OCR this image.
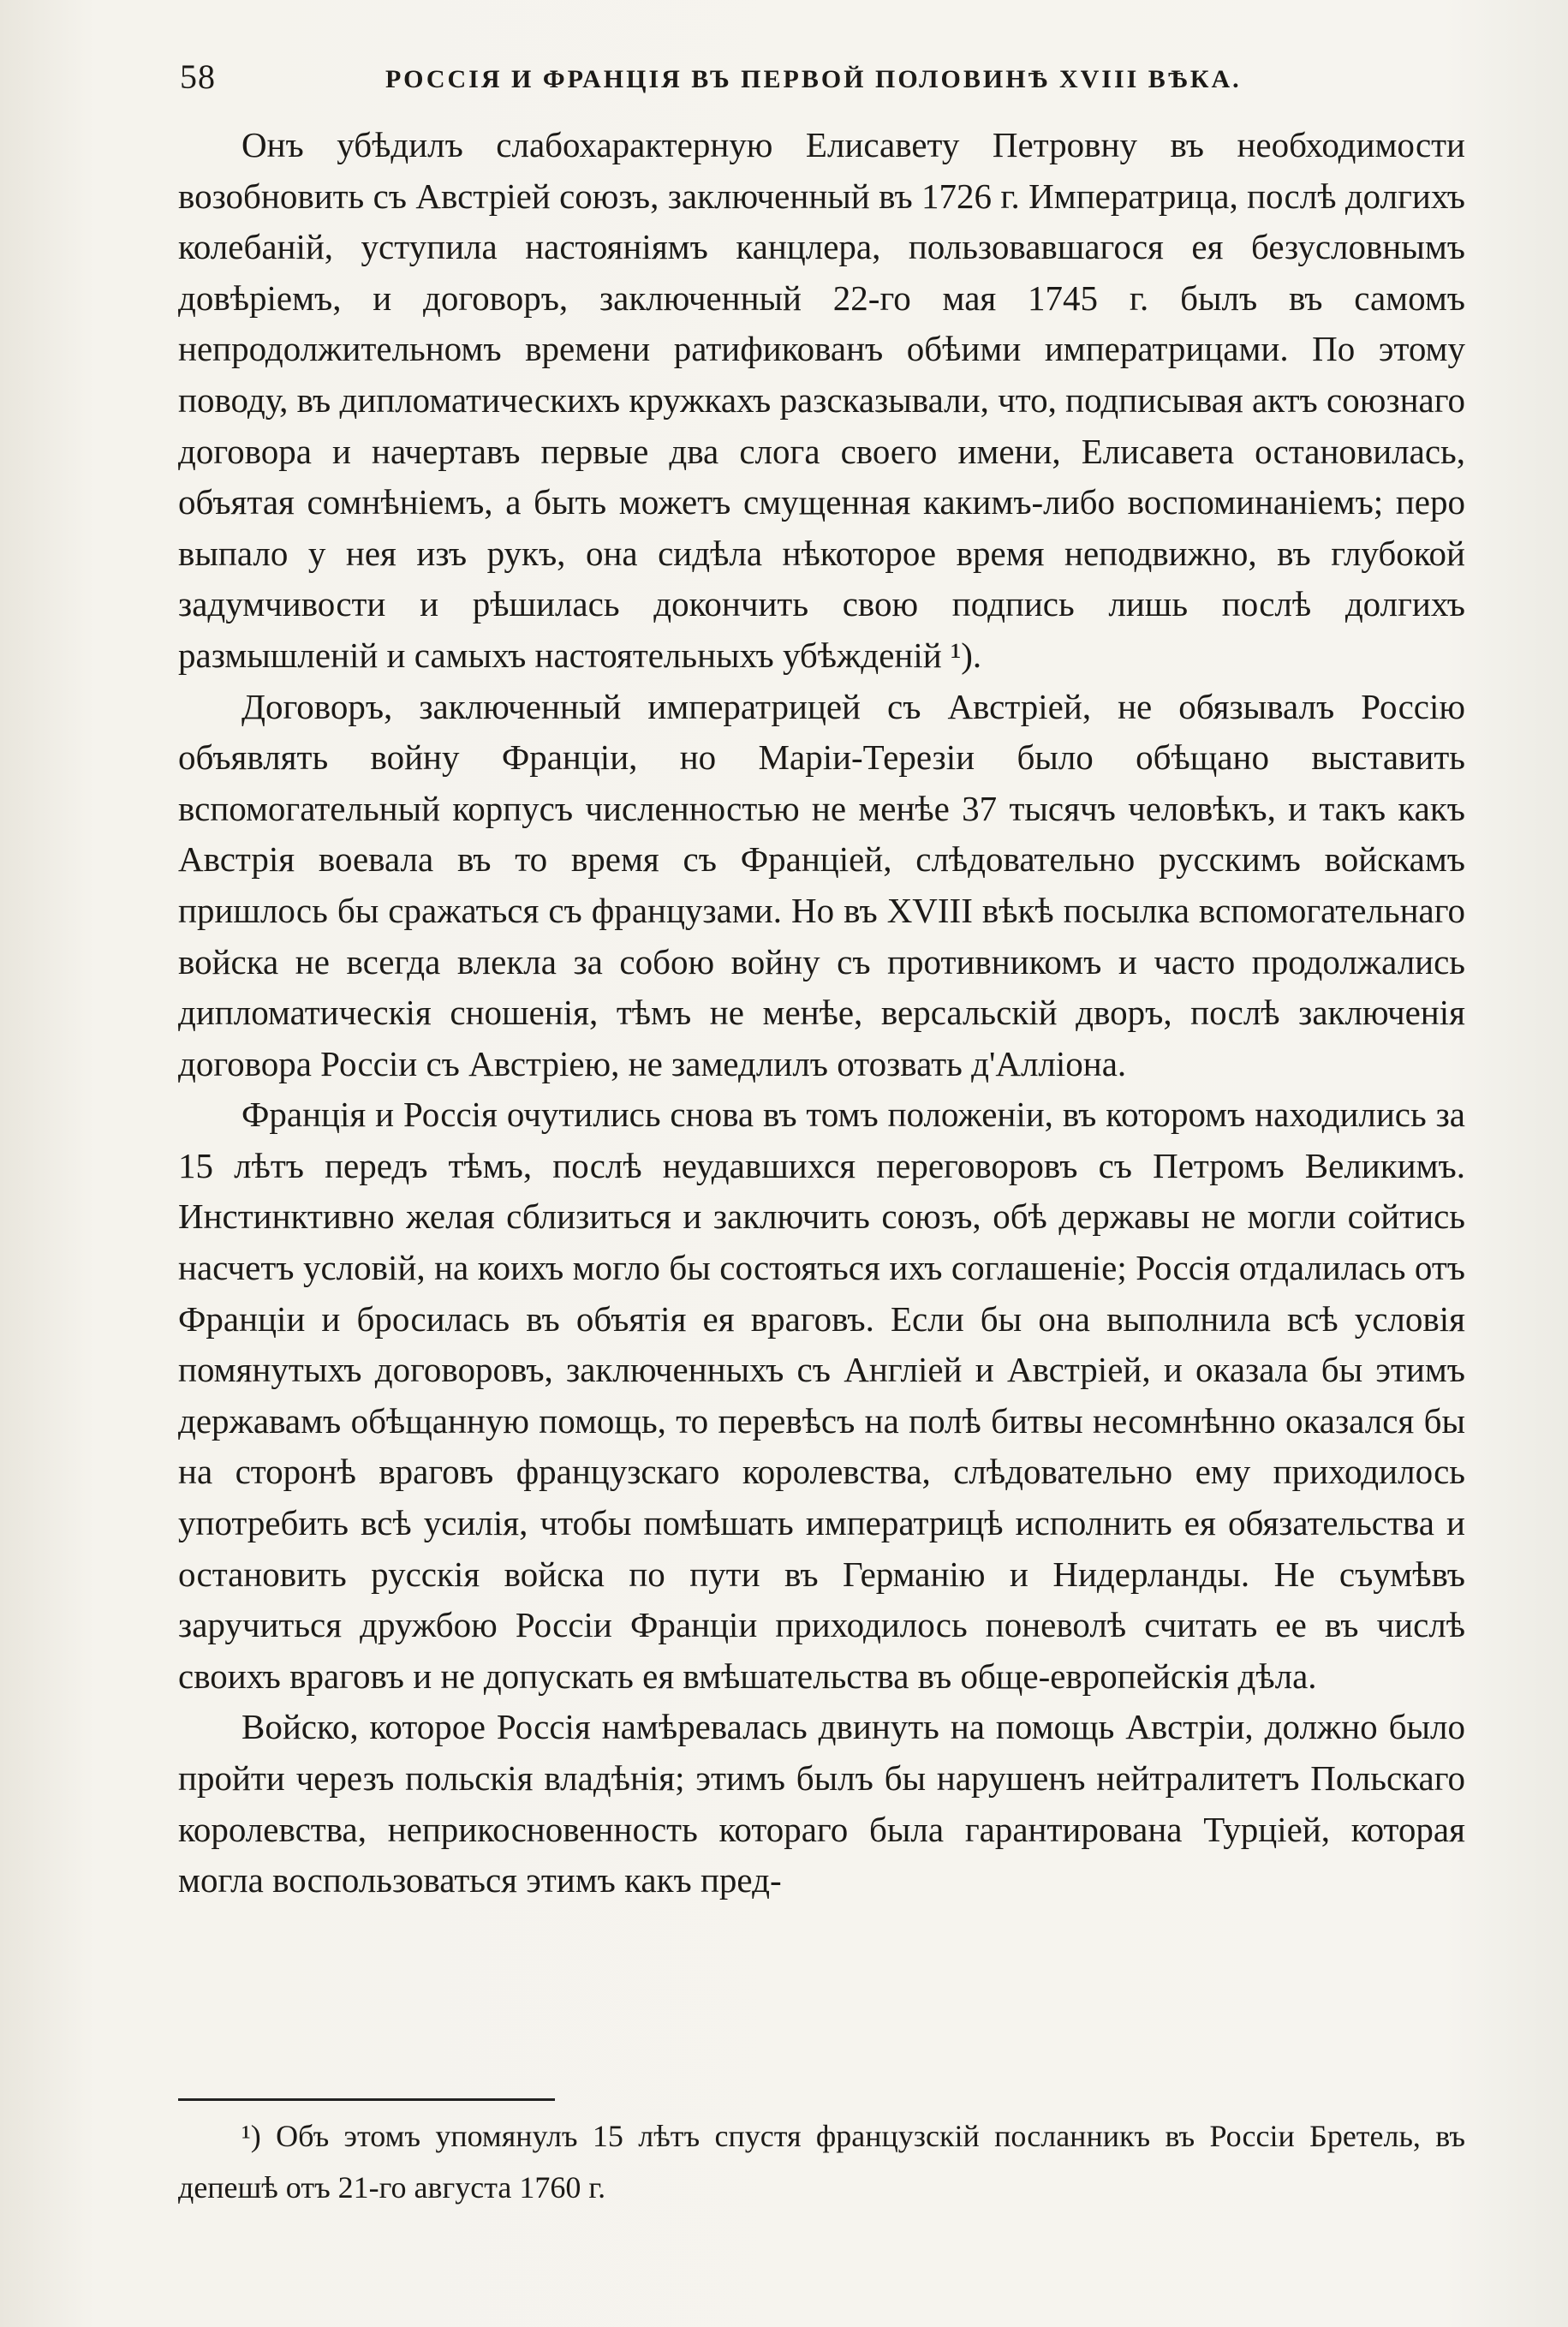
58	РОССІЯ И ФРАНЦІЯ ВЪ ПЕРВОЙ ПОЛОВИНѢ XVIII ВѢКА.

Онъ убѣдилъ слабохарактерную Елисавету Петровну въ необходимости возобновить съ Австріей союзъ, заключенный въ 1726 г. Императрица, послѣ долгихъ колебаній, уступила настояніямъ канцлера, пользовавшагося ея безусловнымъ довѣріемъ, и договоръ, заключенный 22-го мая 1745 г. былъ въ самомъ непродолжительномъ времени ратификованъ обѣими императрицами. По этому поводу, въ дипломатическихъ кружкахъ разсказывали, что, подписывая актъ союзнаго договора и начертавъ первые два слога своего имени, Елисавета остановилась, объятая сомнѣніемъ, а быть можетъ смущенная какимъ-либо воспоминаніемъ; перо выпало у нея изъ рукъ, она сидѣла нѣкоторое время неподвижно, въ глубокой задумчивости и рѣшилась докончить свою подпись лишь послѣ долгихъ размышленій и самыхъ настоятельныхъ убѣжденій ¹).

Договоръ, заключенный императрицей съ Австріей, не обязывалъ Россію объявлять войну Франціи, но Маріи-Терезіи было обѣщано выставить вспомогательный корпусъ численностью не менѣе 37 тысячъ человѣкъ, и такъ какъ Австрія воевала въ то время съ Франціей, слѣдовательно русскимъ войскамъ пришлось бы сражаться съ французами. Но въ XVIII вѣкѣ посылка вспомогательнаго войска не всегда влекла за собою войну съ противникомъ и часто продолжались дипломатическія сношенія, тѣмъ не менѣе, версальскій дворъ, послѣ заключенія договора Россіи съ Австріею, не замедлилъ отозвать д'Алліона.

Франція и Россія очутились снова въ томъ положеніи, въ которомъ находились за 15 лѣтъ передъ тѣмъ, послѣ неудавшихся переговоровъ съ Петромъ Великимъ. Инстинктивно желая сблизиться и заключить союзъ, обѣ державы не могли сойтись насчетъ условій, на коихъ могло бы состояться ихъ соглашеніе; Россія отдалилась отъ Франціи и бросилась въ объятія ея враговъ. Если бы она выполнила всѣ условія помянутыхъ договоровъ, заключенныхъ съ Англіей и Австріей, и оказала бы этимъ державамъ обѣщанную помощь, то перевѣсъ на полѣ битвы несомнѣнно оказался бы на сторонѣ враговъ французскаго королевства, слѣдовательно ему приходилось употребить всѣ усилія, чтобы помѣшать императрицѣ исполнить ея обязательства и остановить русскія войска по пути въ Германію и Нидерланды. Не съумѣвъ заручиться дружбою Россіи Франціи приходилось поневолѣ считать ее въ числѣ своихъ враговъ и не допускать ея вмѣшательства въ обще-европейскія дѣла.

Войско, которое Россія намѣревалась двинуть на помощь Австріи, должно было пройти черезъ польскія владѣнія; этимъ былъ бы нарушенъ нейтралитетъ Польскаго королевства, неприкосновенность котораго была гарантирована Турціей, которая могла воспользоваться этимъ какъ пред-

¹) Объ этомъ упомянулъ 15 лѣтъ спустя французскій посланникъ въ Россіи Бретель, въ депешѣ отъ 21-го августа 1760 г.
